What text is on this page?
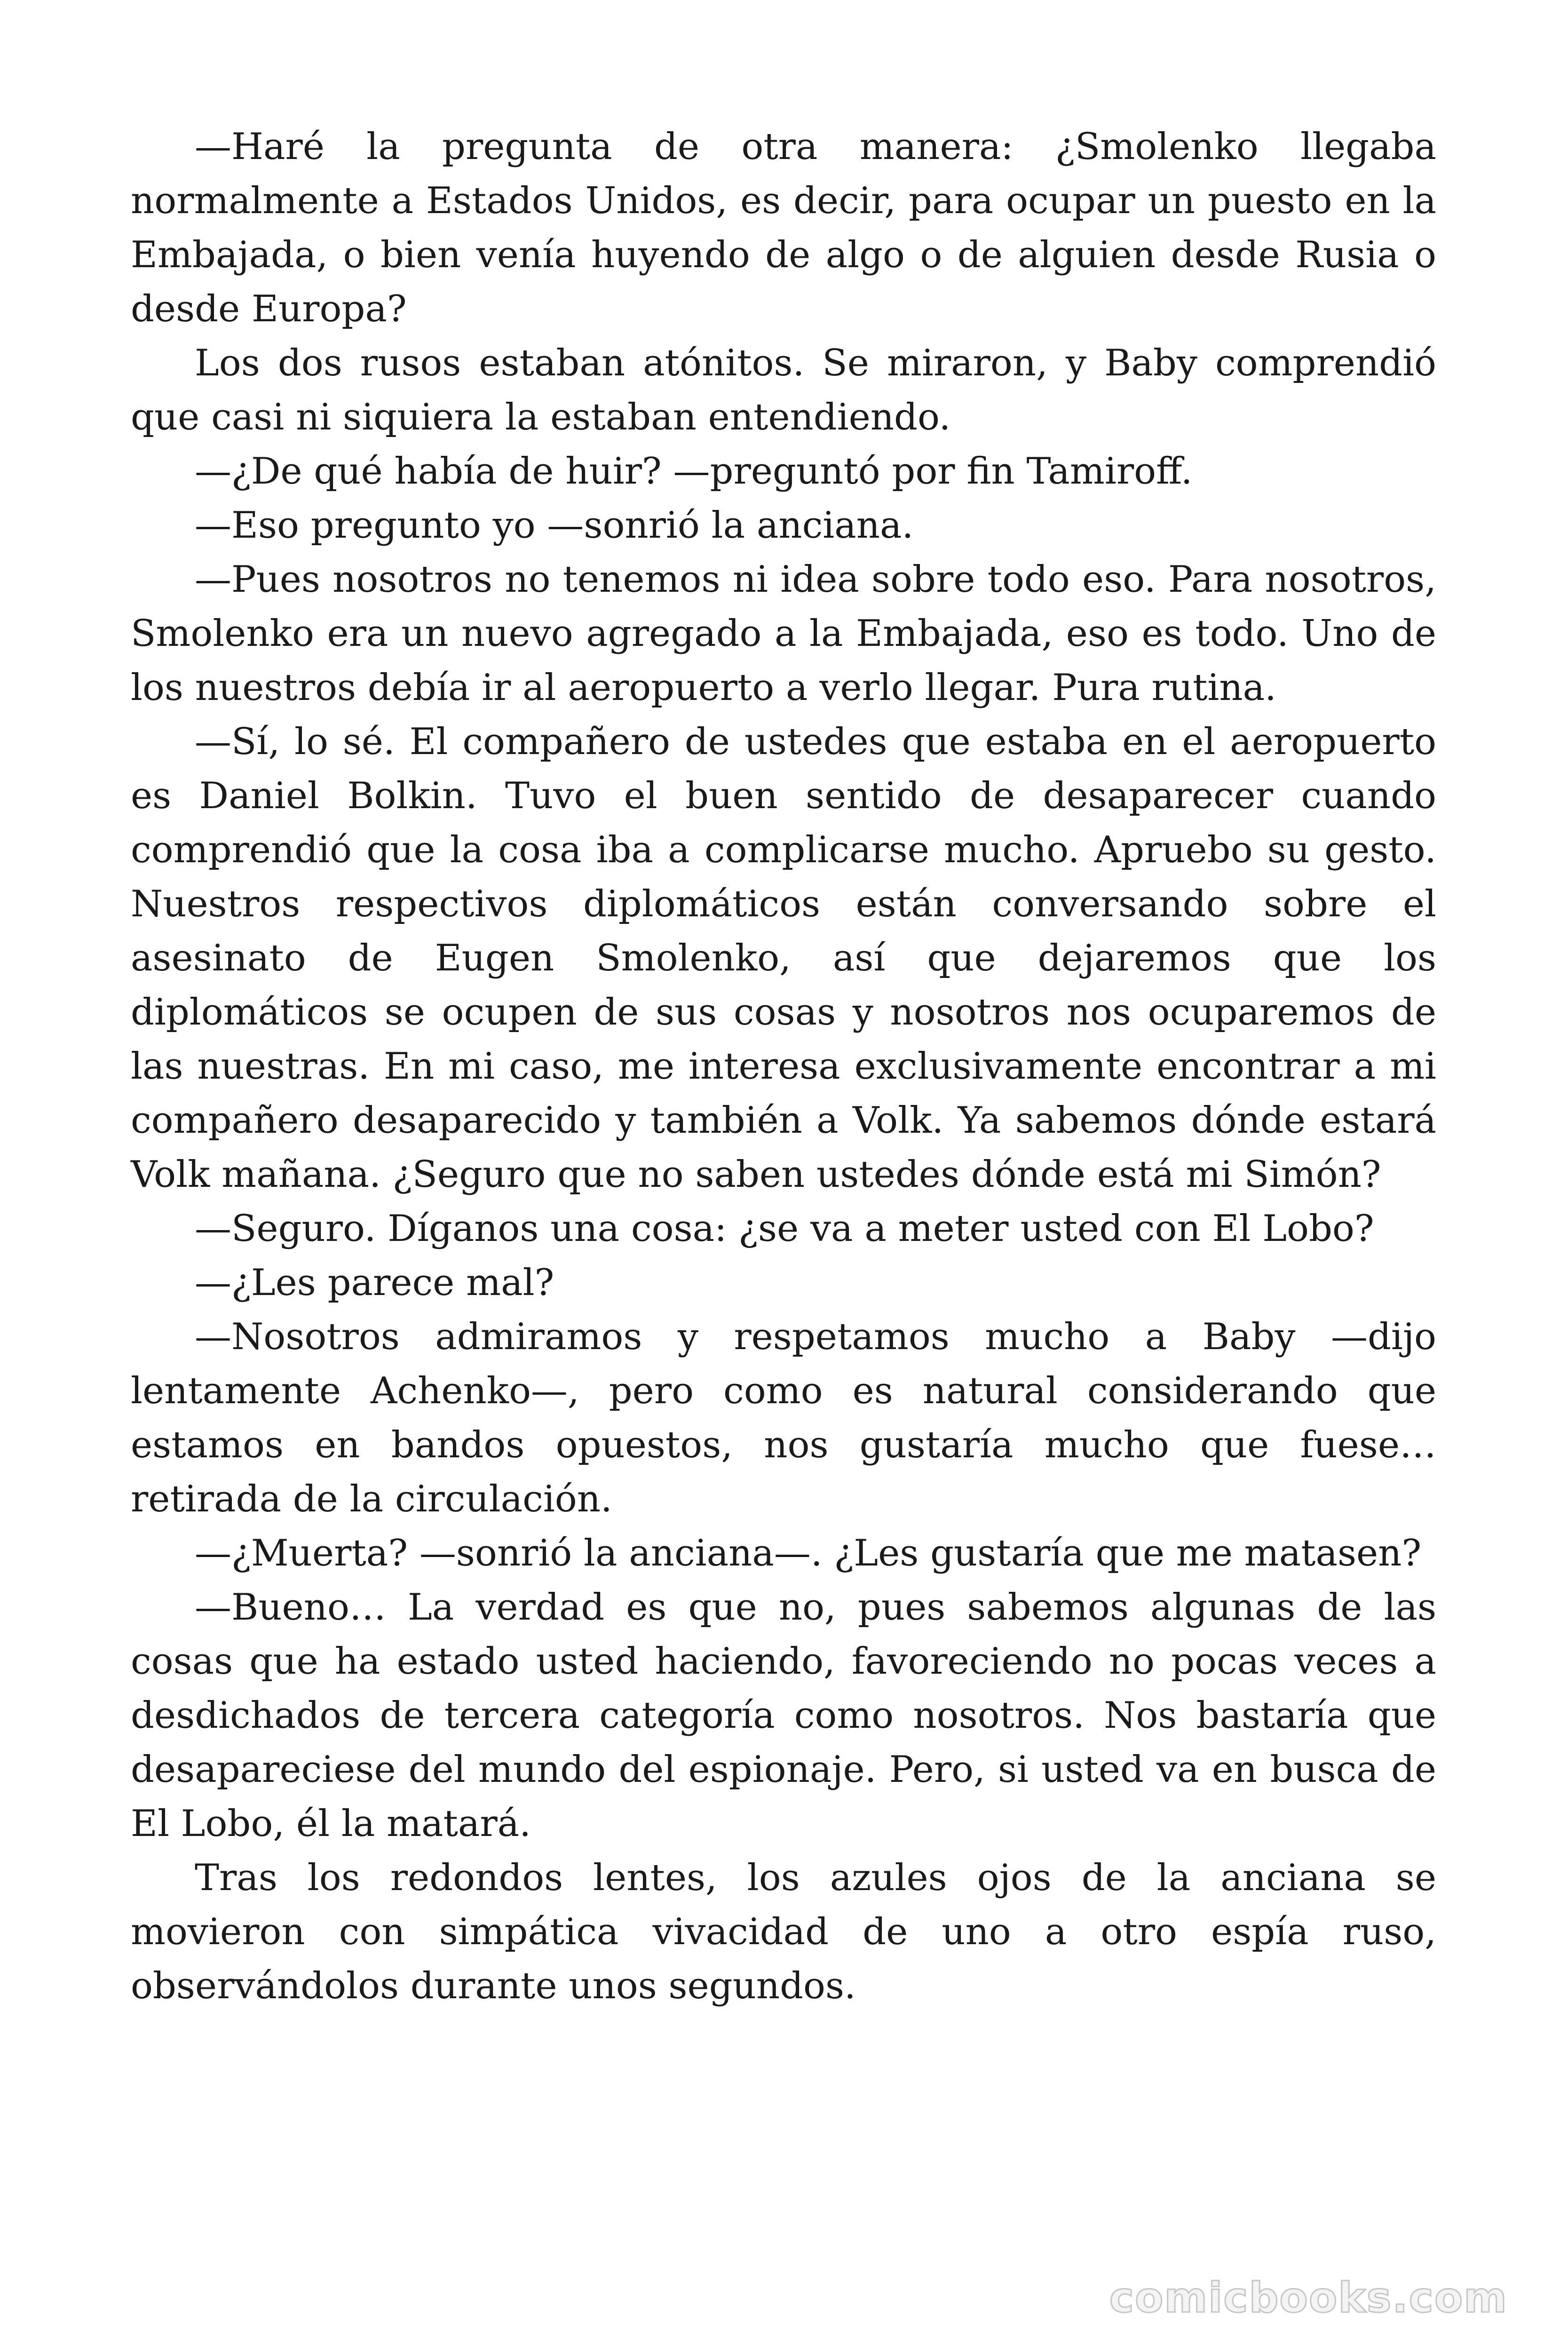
—Haré la pregunta de otra manera: ¿Smolenko llegaba normalmente a Estados Unidos, es decir, para ocupar un puesto en la Embajada, o bien venía huyendo de algo o de alguien desde Rusia o desde Europa?

Los dos rusos estaban atónitos. Se miraron, y Baby comprendió que casi ni siquiera la estaban entendiendo.

—¿De qué había de huir? —preguntó por fin Tamiroff.

—Eso pregunto yo —sonrió la anciana.

—Pues nosotros no tenemos ni idea sobre todo eso. Para nosotros, Smolenko era un nuevo agregado a la Embajada, eso es todo. Uno de los nuestros debía ir al aeropuerto a verlo llegar. Pura rutina.

—Sí, lo sé. El compañero de ustedes que estaba en el aeropuerto es Daniel Bolkin. Tuvo el buen sentido de desaparecer cuando comprendió que la cosa iba a complicarse mucho. Apruebo su gesto. Nuestros respectivos diplomáticos están conversando sobre el asesinato de Eugen Smolenko, así que dejaremos que los diplomáticos se ocupen de sus cosas y nosotros nos ocuparemos de las nuestras. En mi caso, me interesa exclusivamente encontrar a mi compañero desaparecido y también a Volk. Ya sabemos dónde estará Volk mañana. ¿Seguro que no saben ustedes dónde está mi Simón?

—Seguro. Díganos una cosa: ¿se va a meter usted con El Lobo?

—¿Les parece mal?

—Nosotros admiramos y respetamos mucho a Baby —dijo lentamente Achenko—, pero como es natural considerando que estamos en bandos opuestos, nos gustaría mucho que fuese… retirada de la circulación.

—¿Muerta? —sonrió la anciana—. ¿Les gustaría que me matasen?

—Bueno… La verdad es que no, pues sabemos algunas de las cosas que ha estado usted haciendo, favoreciendo no pocas veces a desdichados de tercera categoría como nosotros. Nos bastaría que desapareciese del mundo del espionaje. Pero, si usted va en busca de El Lobo, él la matará.

Tras los redondos lentes, los azules ojos de la anciana se movieron con simpática vivacidad de uno a otro espía ruso, observándolos durante unos segundos.

comicbooks.com
